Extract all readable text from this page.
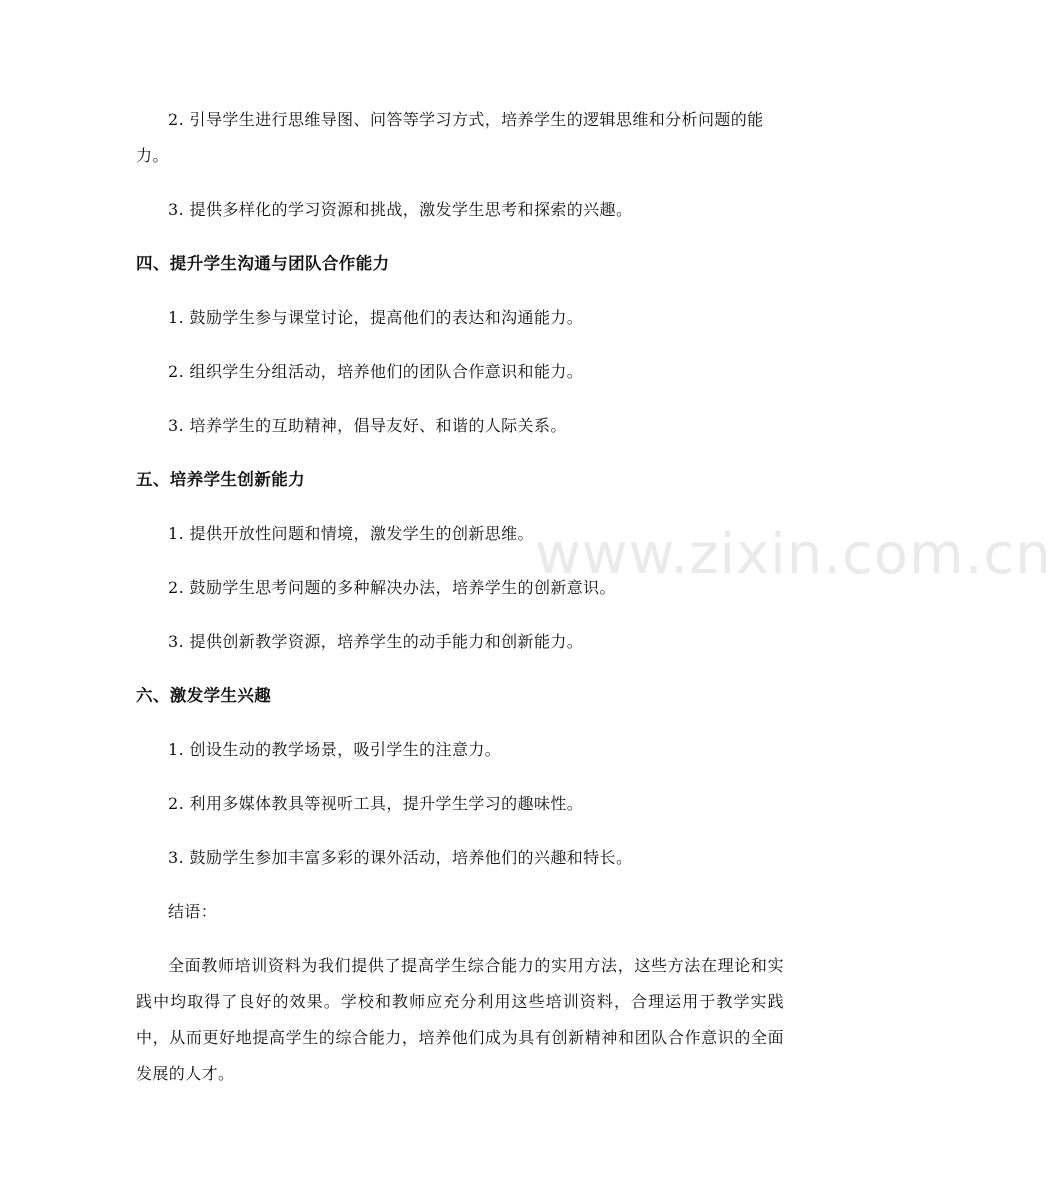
2. 引导学生进行思维导图、问答等学习方式，培养学生的逻辑思维和分析问题的能力。

3. 提供多样化的学习资源和挑战，激发学生思考和探索的兴趣。

四、提升学生沟通与团队合作能力

1. 鼓励学生参与课堂讨论，提高他们的表达和沟通能力。

2. 组织学生分组活动，培养他们的团队合作意识和能力。

3. 培养学生的互助精神，倡导友好、和谐的人际关系。

五、培养学生创新能力

1. 提供开放性问题和情境，激发学生的创新思维。

2. 鼓励学生思考问题的多种解决办法，培养学生的创新意识。

3. 提供创新教学资源，培养学生的动手能力和创新能力。

六、激发学生兴趣

1. 创设生动的教学场景，吸引学生的注意力。

2. 利用多媒体教具等视听工具，提升学生学习的趣味性。

3. 鼓励学生参加丰富多彩的课外活动，培养他们的兴趣和特长。

结语：

全面教师培训资料为我们提供了提高学生综合能力的实用方法，这些方法在理论和实践中均取得了良好的效果。学校和教师应充分利用这些培训资料，合理运用于教学实践中，从而更好地提高学生的综合能力，培养他们成为具有创新精神和团队合作意识的全面发展的人才。

www.zixin.com.cn
